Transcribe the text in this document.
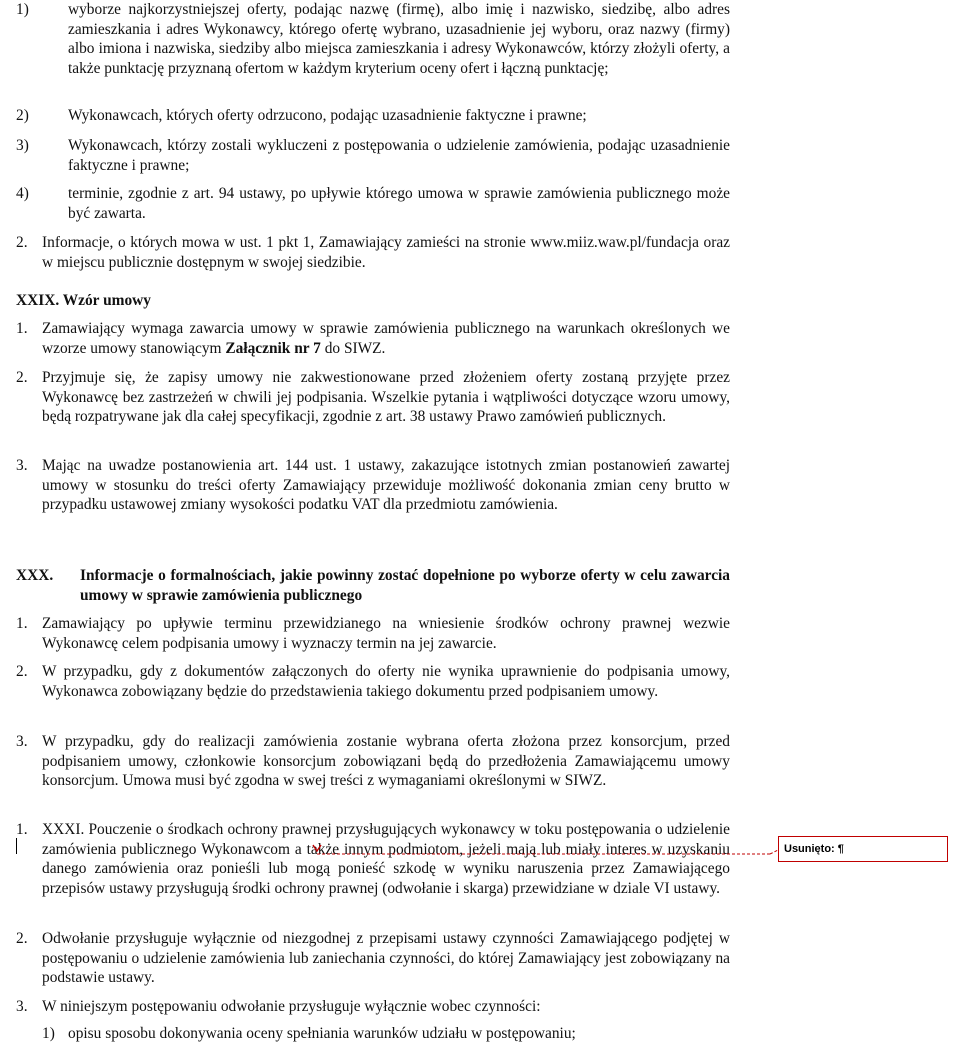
1)	wyborze najkorzystniejszej oferty, podając nazwę (firmę), albo imię i nazwisko, siedzibę, albo adres zamieszkania i adres Wykonawcy, którego ofertę wybrano, uzasadnienie jej wyboru, oraz nazwy (firmy) albo imiona i nazwiska, siedziby albo miejsca zamieszkania i adresy Wykonawców, którzy złożyli oferty, a także punktację przyznaną ofertom w każdym kryterium oceny ofert i łączną punktację;
2)	Wykonawcach, których oferty odrzucono, podając uzasadnienie faktyczne i prawne;
3)	Wykonawcach, którzy zostali wykluczeni z postępowania o udzielenie zamówienia, podając uzasadnienie faktyczne i prawne;
4)	terminie, zgodnie z art. 94 ustawy, po upływie którego umowa w sprawie zamówienia publicznego może być zawarta.
2. Informacje, o których mowa w ust. 1 pkt 1, Zamawiający zamieści na stronie www.miiz.waw.pl/fundacja oraz w miejscu publicznie dostępnym w swojej siedzibie.
XXIX. Wzór umowy
1. Zamawiający wymaga zawarcia umowy w sprawie zamówienia publicznego na warunkach określonych we wzorze umowy stanowiącym Załącznik nr 7 do SIWZ.
2. Przyjmuje się, że zapisy umowy nie zakwestionowane przed złożeniem oferty zostaną przyjęte przez Wykonawcę bez zastrzeżeń w chwili jej podpisania. Wszelkie pytania i wątpliwości dotyczące wzoru umowy, będą rozpatrywane jak dla całej specyfikacji, zgodnie z art. 38 ustawy Prawo zamówień publicznych.
3. Mając na uwadze postanowienia art. 144 ust. 1 ustawy, zakazujące istotnych zmian postanowień zawartej umowy w stosunku do treści oferty Zamawiający przewiduje możliwość dokonania zmian ceny brutto w przypadku ustawowej zmiany wysokości podatku VAT dla przedmiotu zamówienia.
XXX. Informacje o formalnościach, jakie powinny zostać dopełnione po wyborze oferty w celu zawarcia umowy w sprawie zamówienia publicznego
1. Zamawiający po upływie terminu przewidzianego na wniesienie środków ochrony prawnej wezwie Wykonawcę celem podpisania umowy i wyznaczy termin na jej zawarcie.
2. W przypadku, gdy z dokumentów załączonych do oferty nie wynika uprawnienie do podpisania umowy, Wykonawca zobowiązany będzie do przedstawienia takiego dokumentu przed podpisaniem umowy.
3. W przypadku, gdy do realizacji zamówienia zostanie wybrana oferta złożona przez konsorcjum, przed podpisaniem umowy, członkowie konsorcjum zobowiązani będą do przedłożenia Zamawiającemu umowy konsorcjum. Umowa musi być zgodna w swej treści z wymaganiami określonymi w SIWZ.
1. XXXI. Pouczenie o środkach ochrony prawnej przysługujących wykonawcy w toku postępowania o udzielenie zamówienia publicznego Wykonawcom a także innym podmiotom, jeżeli mają lub miały interes w uzyskaniu danego zamówienia oraz ponieśli lub mogą ponieść szkodę w wyniku naruszenia przez Zamawiającego przepisów ustawy przysługują środki ochrony prawnej (odwołanie i skarga) przewidziane w dziale VI ustawy.
2. Odwołanie przysługuje wyłącznie od niezgodnej z przepisami ustawy czynności Zamawiającego podjętej w postępowaniu o udzielenie zamówienia lub zaniechania czynności, do której Zamawiający jest zobowiązany na podstawie ustawy.
3. W niniejszym postępowaniu odwołanie przysługuje wyłącznie wobec czynności:
1) opisu sposobu dokonywania oceny spełniania warunków udziału w postępowaniu;
Usunięto: ¶
